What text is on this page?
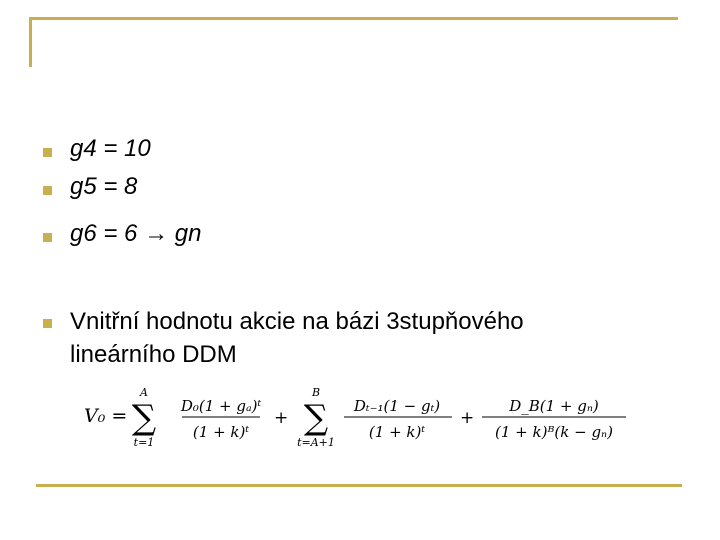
g4 = 10
g5 = 8
g6 = 6 → gn
Vnitřní hodnotu akcie na bázi 3stupňového
lineárního DDM
V₀ =
A
∑
t=1
D₀(1 + gₐ)ᵗ
(1 + k)ᵗ
+
B
∑
t=A+1
Dₜ₋₁(1 − gₜ)
(1 + k)ᵗ
+
D_B(1 + gₙ)
(1 + k)ᴮ(k − gₙ)
